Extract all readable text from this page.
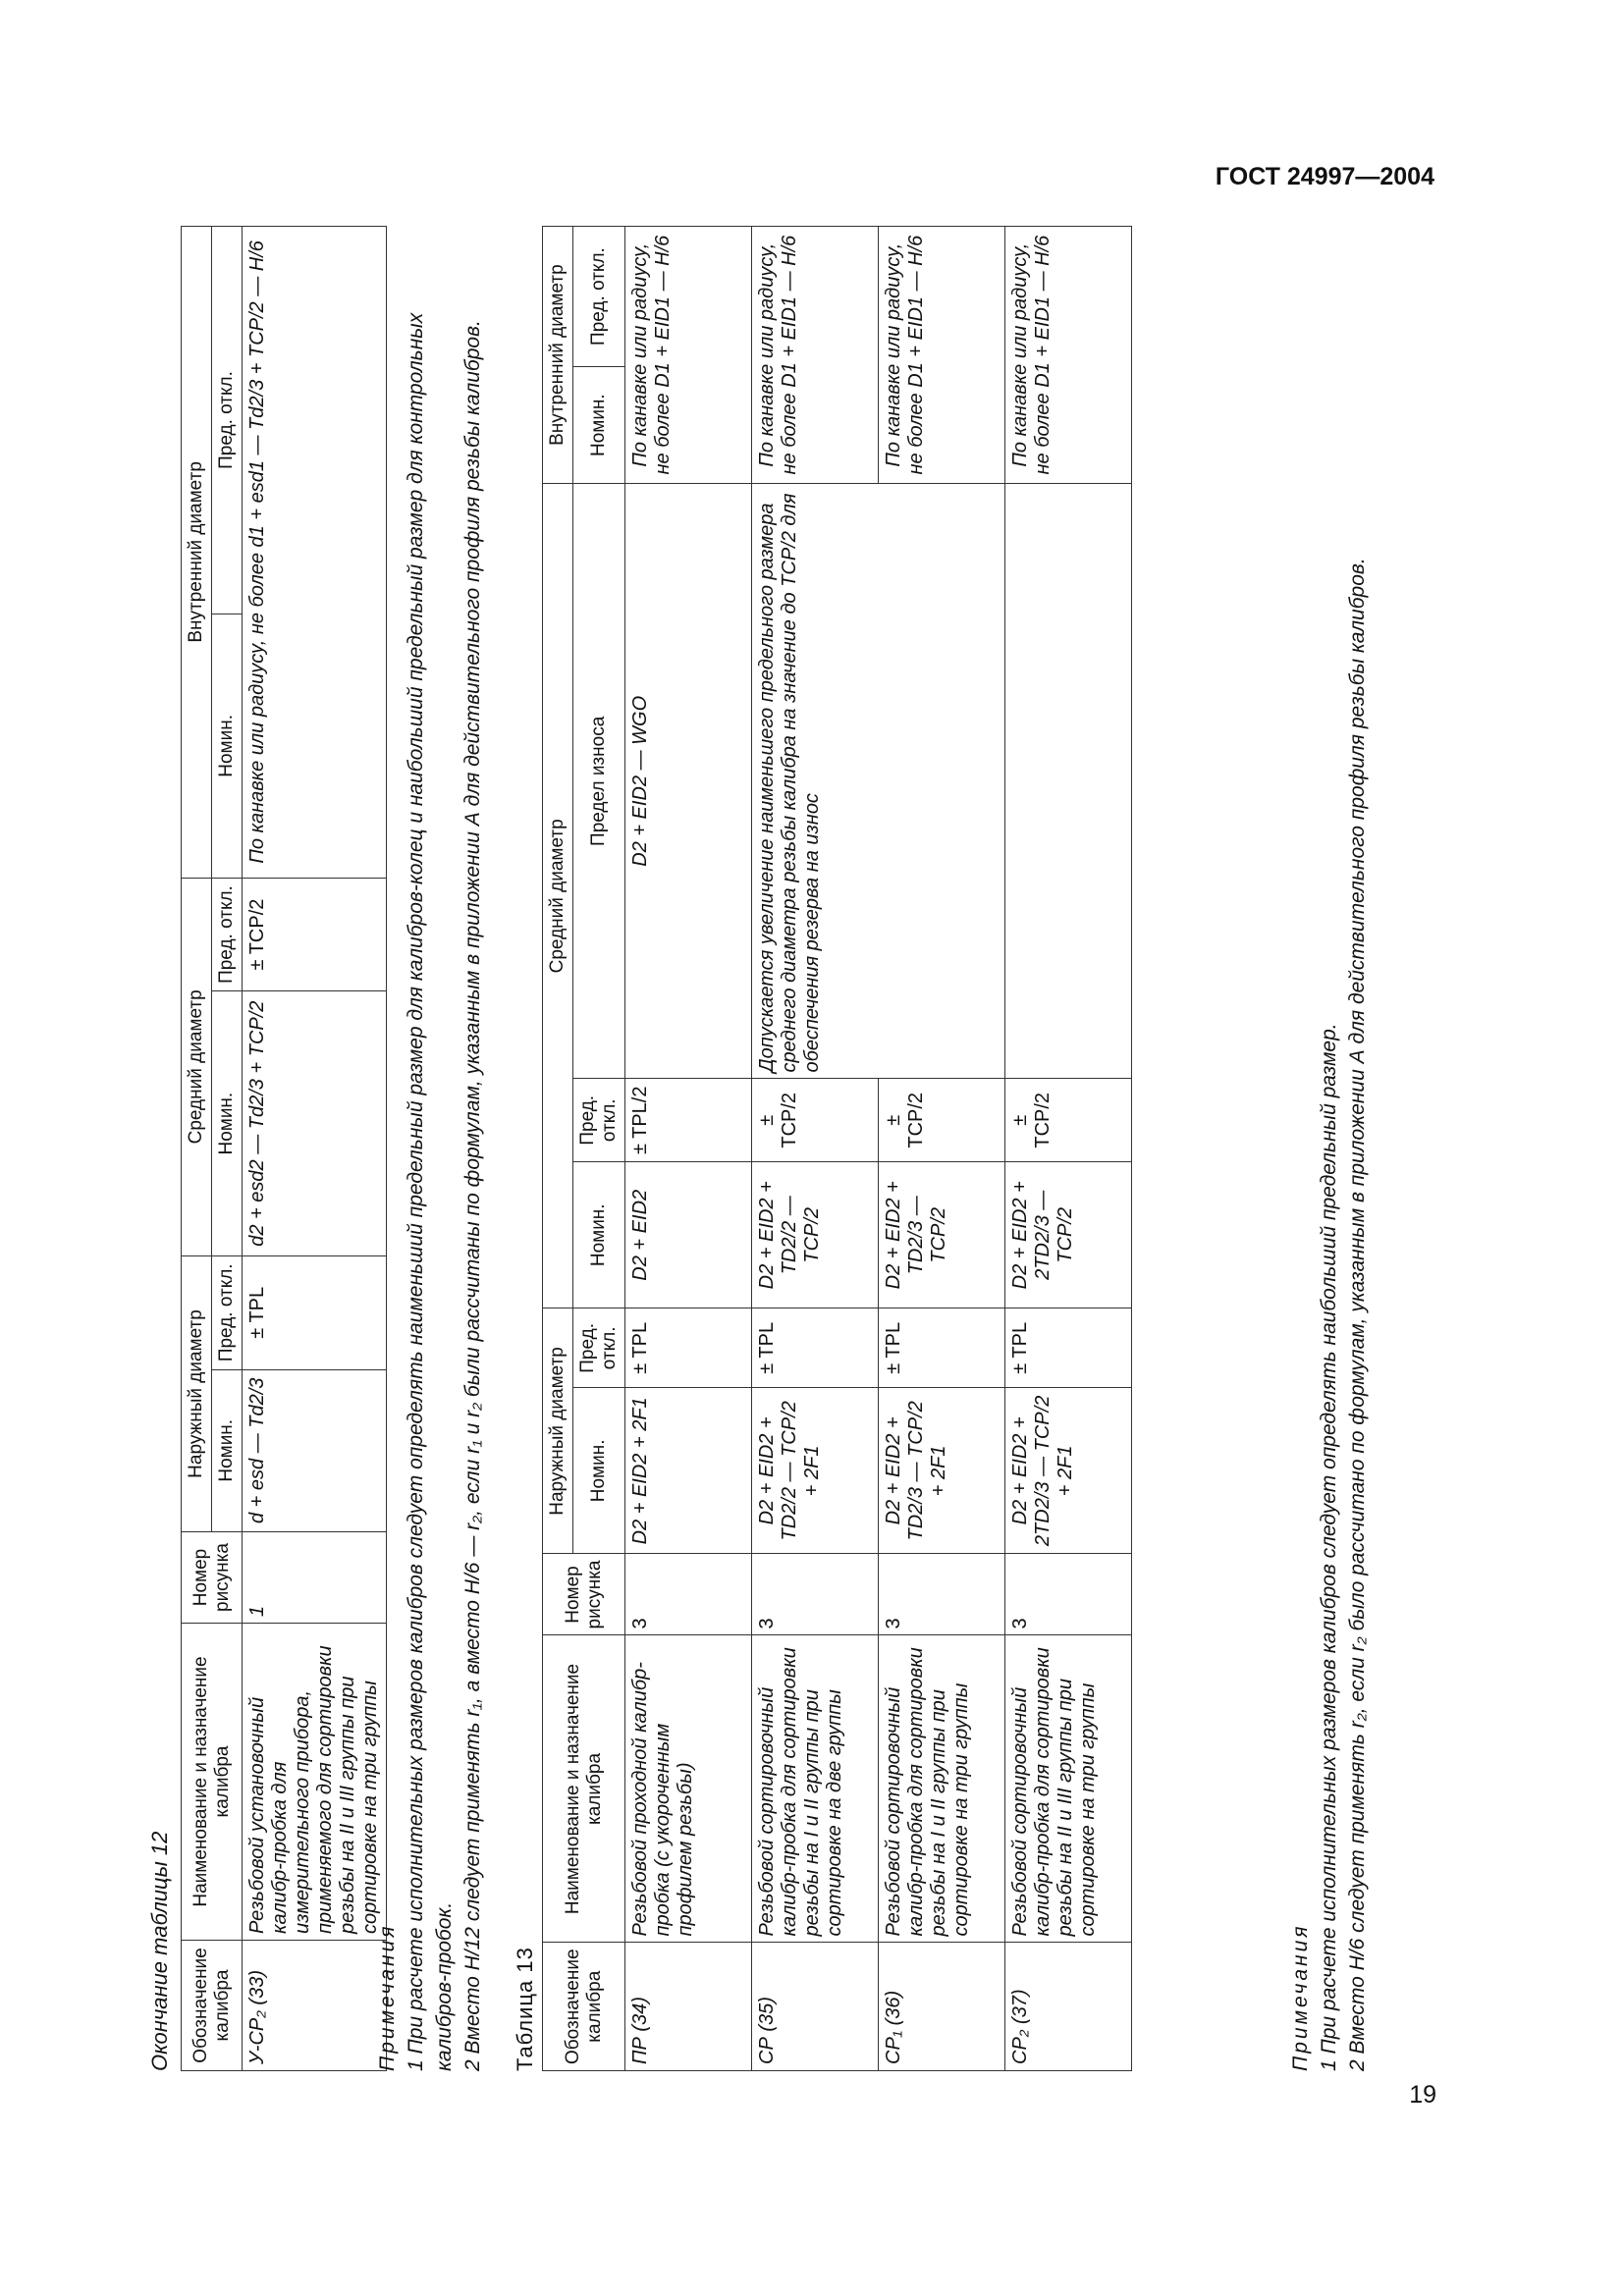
ГОСТ 24997—2004
Окончание таблицы 12 Обозначение калибра	Наименование и назначение калибра	Номер рисунка	Наружный диаметр		Средний диаметр		Внутренний диаметр	
			Номин.	Пред. откл.	Номин.	Пред. откл.	Номин.	Пред. откл.
У-СР₂ (33)	Резьбовой установочный калибр-пробка для измерительного прибора, применяемого для сортировки резьбы на II и III группы при сортировке на три группы	1	d + esd — Td2/3	± TPL	d2 + esd2 — Td2/3 + TCP/2	± TCP/2	По канавке или радиусу, не более d1 + esd1 — Td2/3 + TCP/2 — H/6	
Примечания 1 При расчете исполнительных размеров калибров следует определять наименьший предельный размер для калибров-колец и наибольший предельный размер для контрольных калибров-пробок. 2 Вместо H/12 следует применять r₁, а вместо H/6 — r₂, если r₁ и r₂ были рассчитаны по формулам, указанным в приложении А для действительного профиля резьбы калибров. Таблица 13 Обозначение калибра	Наименование и назначение калибра	Номер рисунка	Наружный диаметр		Средний диаметр			Внутренний диаметр	
			Номин.	Пред. откл.	Номин.	Пред. откл.	Предел износа	Номин.	Пред. откл.
ПР (34)	Резьбовой проходной калибр-пробка (с укороченным профилем резьбы)	3	D2 + EID2 + 2F1	± TPL	D2 + EID2	± TPL/2	D2 + EID2 — WGO	По канавке или радиусу, не более D1 + EID1 — H/6	
СР (35)	Резьбовой сортировочный калибр-пробка для сортировки резьбы на I и II группы при сортировке на две группы	3	D2 + EID2 + TD2/2 — TCP/2 + 2F1	± TPL	D2 + EID2 + TD2/2 — TCP/2	± TCP/2	Допускается увеличение наименьшего предельного размера среднего диаметра резьбы калибра на значение до TCP/2 для обеспечения резерва на износ	По канавке или радиусу, не более D1 + EID1 — H/6	
СР₁ (36)	Резьбовой сортировочный калибр-пробка для сортировки резьбы на I и II группы при сортировке на три группы	3	D2 + EID2 + TD2/3 — TCP/2 + 2F1	± TPL	D2 + EID2 + TD2/3 — TCP/2	± TCP/2		По канавке или радиусу, не более D1 + EID1 — H/6	
СР₂ (37)	Резьбовой сортировочный калибр-пробка для сортировки резьбы на II и III группы при сортировке на три группы	3	D2 + EID2 + 2TD2/3 — TCP/2 + 2F1	± TPL	D2 + EID2 + 2TD2/3 — TCP/2	± TCP/2		По канавке или радиусу, не более D1 + EID1 — H/6	
Примечания 1 При расчете исполнительных размеров калибров следует определять наибольший предельный размер. 2 Вместо H/6 следует применять r₂, если r₂ было рассчитано по формулам, указанным в приложении А для действительного профиля резьбы калибров.
19
